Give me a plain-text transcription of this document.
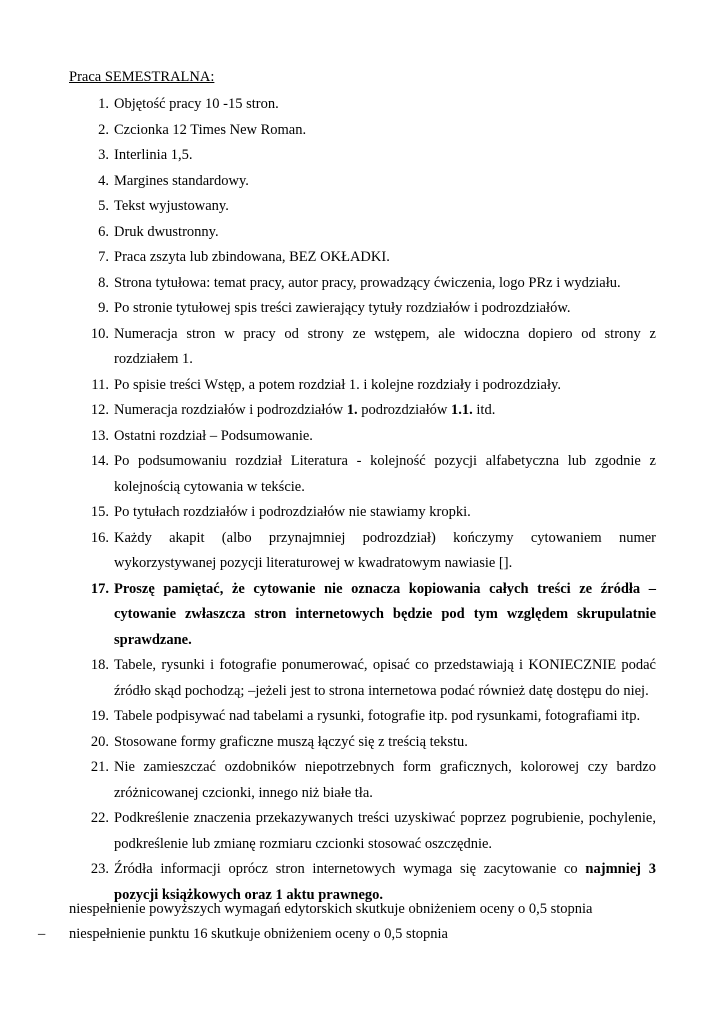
Praca SEMESTRALNA:
1. Objętość pracy 10 -15 stron.
2. Czcionka 12 Times New Roman.
3. Interlinia 1,5.
4. Margines standardowy.
5. Tekst wyjustowany.
6. Druk dwustronny.
7. Praca zszyta lub zbindowana, BEZ OKŁADKI.
8. Strona tytułowa: temat pracy, autor pracy, prowadzący ćwiczenia, logo PRz i wydziału.
9. Po stronie tytułowej spis treści zawierający tytuły rozdziałów i podrozdziałów.
10. Numeracja stron w pracy od strony ze wstępem, ale widoczna dopiero od strony z rozdziałem 1.
11. Po spisie treści Wstęp, a potem rozdział 1. i kolejne rozdziały i podrozdziały.
12. Numeracja rozdziałów i podrozdziałów 1. podrozdziałów 1.1. itd.
13. Ostatni rozdział – Podsumowanie.
14. Po podsumowaniu rozdział Literatura - kolejność pozycji alfabetyczna lub zgodnie z kolejnością cytowania w tekście.
15. Po tytułach rozdziałów i podrozdziałów nie stawiamy kropki.
16. Każdy akapit (albo przynajmniej podrozdział) kończymy cytowaniem numer wykorzystywanej pozycji literaturowej w kwadratowym nawiasie [].
17. Proszę pamiętać, że cytowanie nie oznacza kopiowania całych treści ze źródła – cytowanie zwłaszcza stron internetowych będzie pod tym względem skrupulatnie sprawdzane.
18. Tabele, rysunki i fotografie ponumerować, opisać co przedstawiają i KONIECZNIE podać źródło skąd pochodzą; –jeżeli jest to strona internetowa podać również datę dostępu do niej.
19. Tabele podpisywać nad tabelami a rysunki, fotografie itp. pod rysunkami, fotografiami itp.
20. Stosowane formy graficzne muszą łączyć się z treścią tekstu.
21. Nie zamieszczać ozdobników niepotrzebnych form graficznych, kolorowej czy bardzo zróżnicowanej czcionki, innego niż białe tła.
22. Podkreślenie znaczenia przekazywanych treści uzyskiwać poprzez pogrubienie, pochylenie, podkreślenie lub zmianę rozmiaru czcionki stosować oszczędnie.
23. Źródła informacji oprócz stron internetowych wymaga się zacytowanie co najmniej 3 pozycji książkowych oraz 1 aktu prawnego.
niespełnienie powyższych wymagań edytorskich skutkuje obniżeniem oceny o 0,5 stopnia
– niespełnienie punktu 16 skutkuje obniżeniem oceny o 0,5 stopnia
